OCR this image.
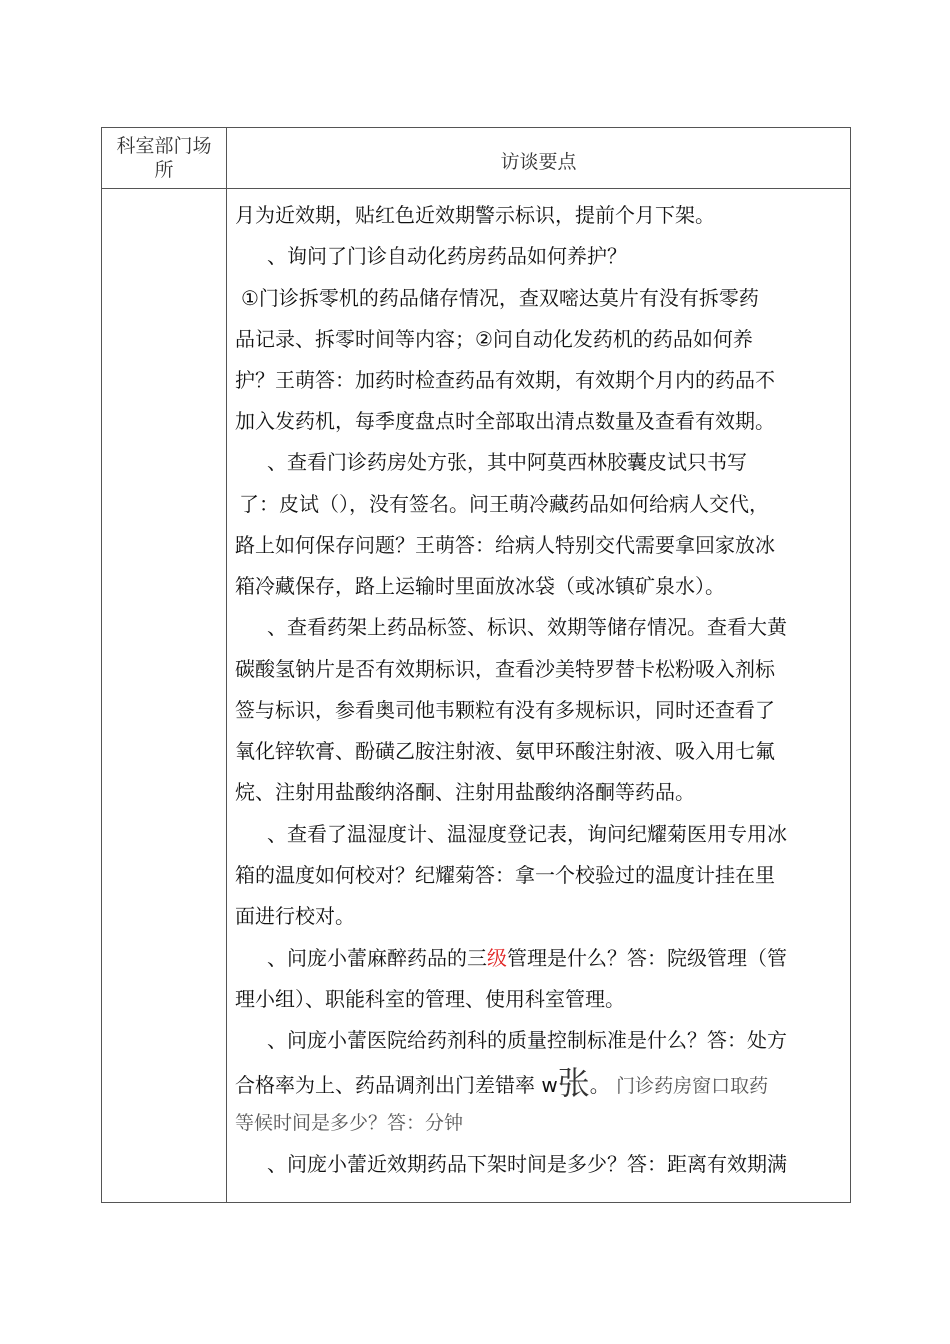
科室部门场所	访谈要点
月为近效期，贴红色近效期警示标识，提前个月下架。
、询问了门诊自动化药房药品如何养护？
①门诊拆零机的药品储存情况，查双嘧达莫片有没有拆零药
品记录、拆零时间等内容；②问自动化发药机的药品如何养
护？王萌答：加药时检查药品有效期，有效期个月内的药品不
加入发药机，每季度盘点时全部取出清点数量及查看有效期。
、查看门诊药房处方张，其中阿莫西林胶囊皮试只书写
了：皮试（），没有签名。问王萌冷藏药品如何给病人交代，
路上如何保存问题？王萌答：给病人特别交代需要拿回家放冰
箱冷藏保存，路上运输时里面放冰袋（或冰镇矿泉水）。
、查看药架上药品标签、标识、效期等储存情况。查看大黄
碳酸氢钠片是否有效期标识，查看沙美特罗替卡松粉吸入剂标
签与标识，参看奥司他韦颗粒有没有多规标识，同时还查看了
氧化锌软膏、酚磺乙胺注射液、氨甲环酸注射液、吸入用七氟
烷、注射用盐酸纳洛酮、注射用盐酸纳洛酮等药品。
、查看了温湿度计、温湿度登记表，询问纪耀菊医用专用冰
箱的温度如何校对？纪耀菊答：拿一个校验过的温度计挂在里
面进行校对。
、问庞小蕾麻醉药品的三级管理是什么？答：院级管理（管
理小组）、职能科室的管理、使用科室管理。
、问庞小蕾医院给药剂科的质量控制标准是什么？答：处方
合格率为上、药品调剂出门差错率 w张。 门诊药房窗口取药
等候时间是多少？答：分钟
、问庞小蕾近效期药品下架时间是多少？答：距离有效期满
